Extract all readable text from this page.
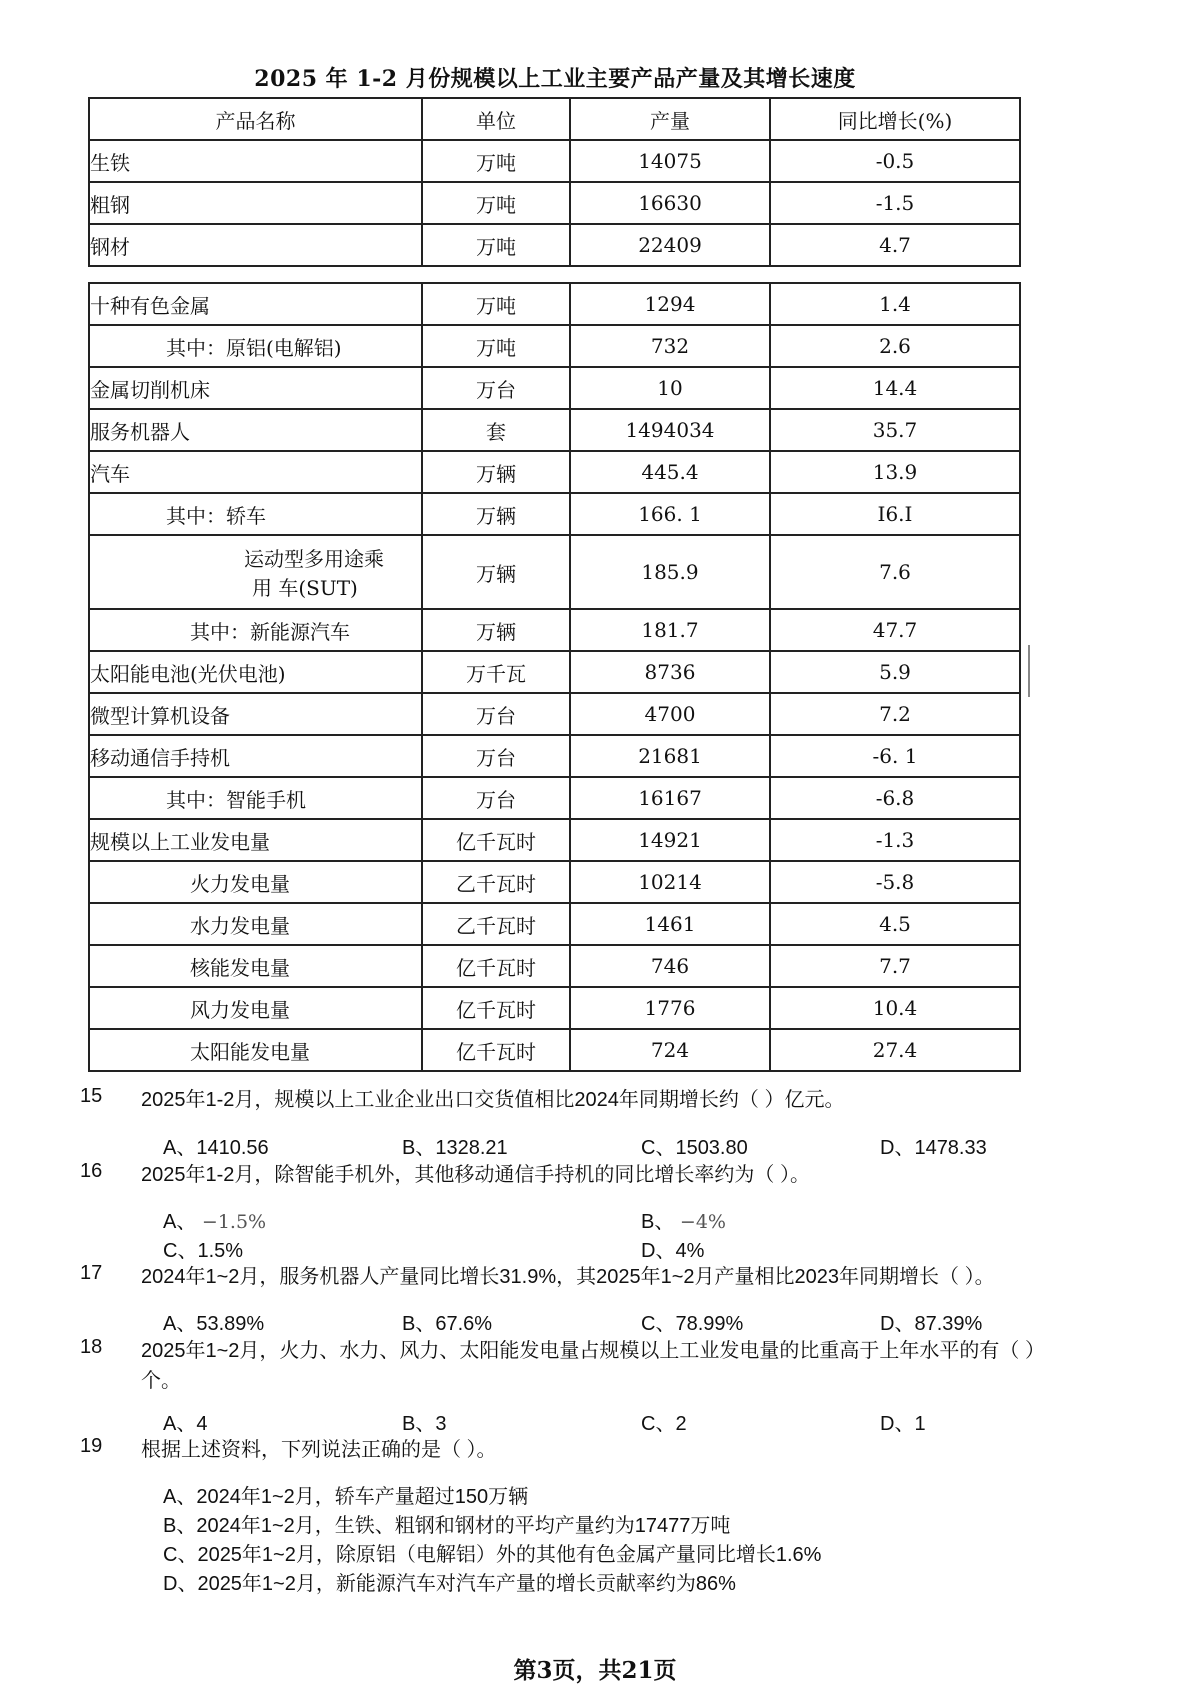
2025 年 1-2 月份规模以上工业主要产品产量及其增长速度
产品名称	单位	产量	同比增长(%)
生铁	万吨	14075	-0.5
粗钢	万吨	16630	-1.5
钢材	万吨	22409	4.7
十种有色金属	万吨	1294	1.4
其中：原铝(电解铝)	万吨	732	2.6
金属切削机床	万台	10	14.4
服务机器人	套	1494034	35.7
汽车	万辆	445.4	13.9
其中：轿车	万辆	166. 1	I6.I

运动型多用途乘
用 车(SUT)	万辆	185.9	7.6
其中：新能源汽车	万辆	181.7	47.7
太阳能电池(光伏电池)	万千瓦	8736	5.9
微型计算机设备	万台	4700	7.2
移动通信手持机	万台	21681	-6. 1
其中：智能手机	万台	16167	-6.8
规模以上工业发电量	亿千瓦时	14921	-1.3
火力发电量	乙千瓦时	10214	-5.8
水力发电量	乙千瓦时	1461	4.5
核能发电量	亿千瓦时	746	7.7
风力发电量	亿千瓦时	1776	10.4
太阳能发电量	亿千瓦时	724	27.4
15 2025年1-2月，规模以上工业企业出口交货值相比2024年同期增长约（ ）亿元。
A、1410.56	B、1328.21	C、1503.80	D、1478.33
16 2025年1-2月，除智能手机外，其他移动通信手持机的同比增长率约为（ ）。
A、 −1.5%	B、 −4%
C、1.5%	D、4%
17 2024年1~2月，服务机器人产量同比增长31.9%，其2025年1~2月产量相比2023年同期增长（ ）。
A、53.89%	B、67.6%	C、78.99%	D、87.39%
18 2025年1~2月，火力、水力、风力、太阳能发电量占规模以上工业发电量的比重高于上年水平的有（ ）个。
A、4	B、3	C、2	D、1
19 根据上述资料，下列说法正确的是（ ）。
A、2024年1~2月，轿车产量超过150万辆
B、2024年1~2月，生铁、粗钢和钢材的平均产量约为17477万吨
C、2025年1~2月，除原铝（电解铝）外的其他有色金属产量同比增长1.6%
D、2025年1~2月，新能源汽车对汽车产量的增长贡献率约为86%
第3页，共21页
